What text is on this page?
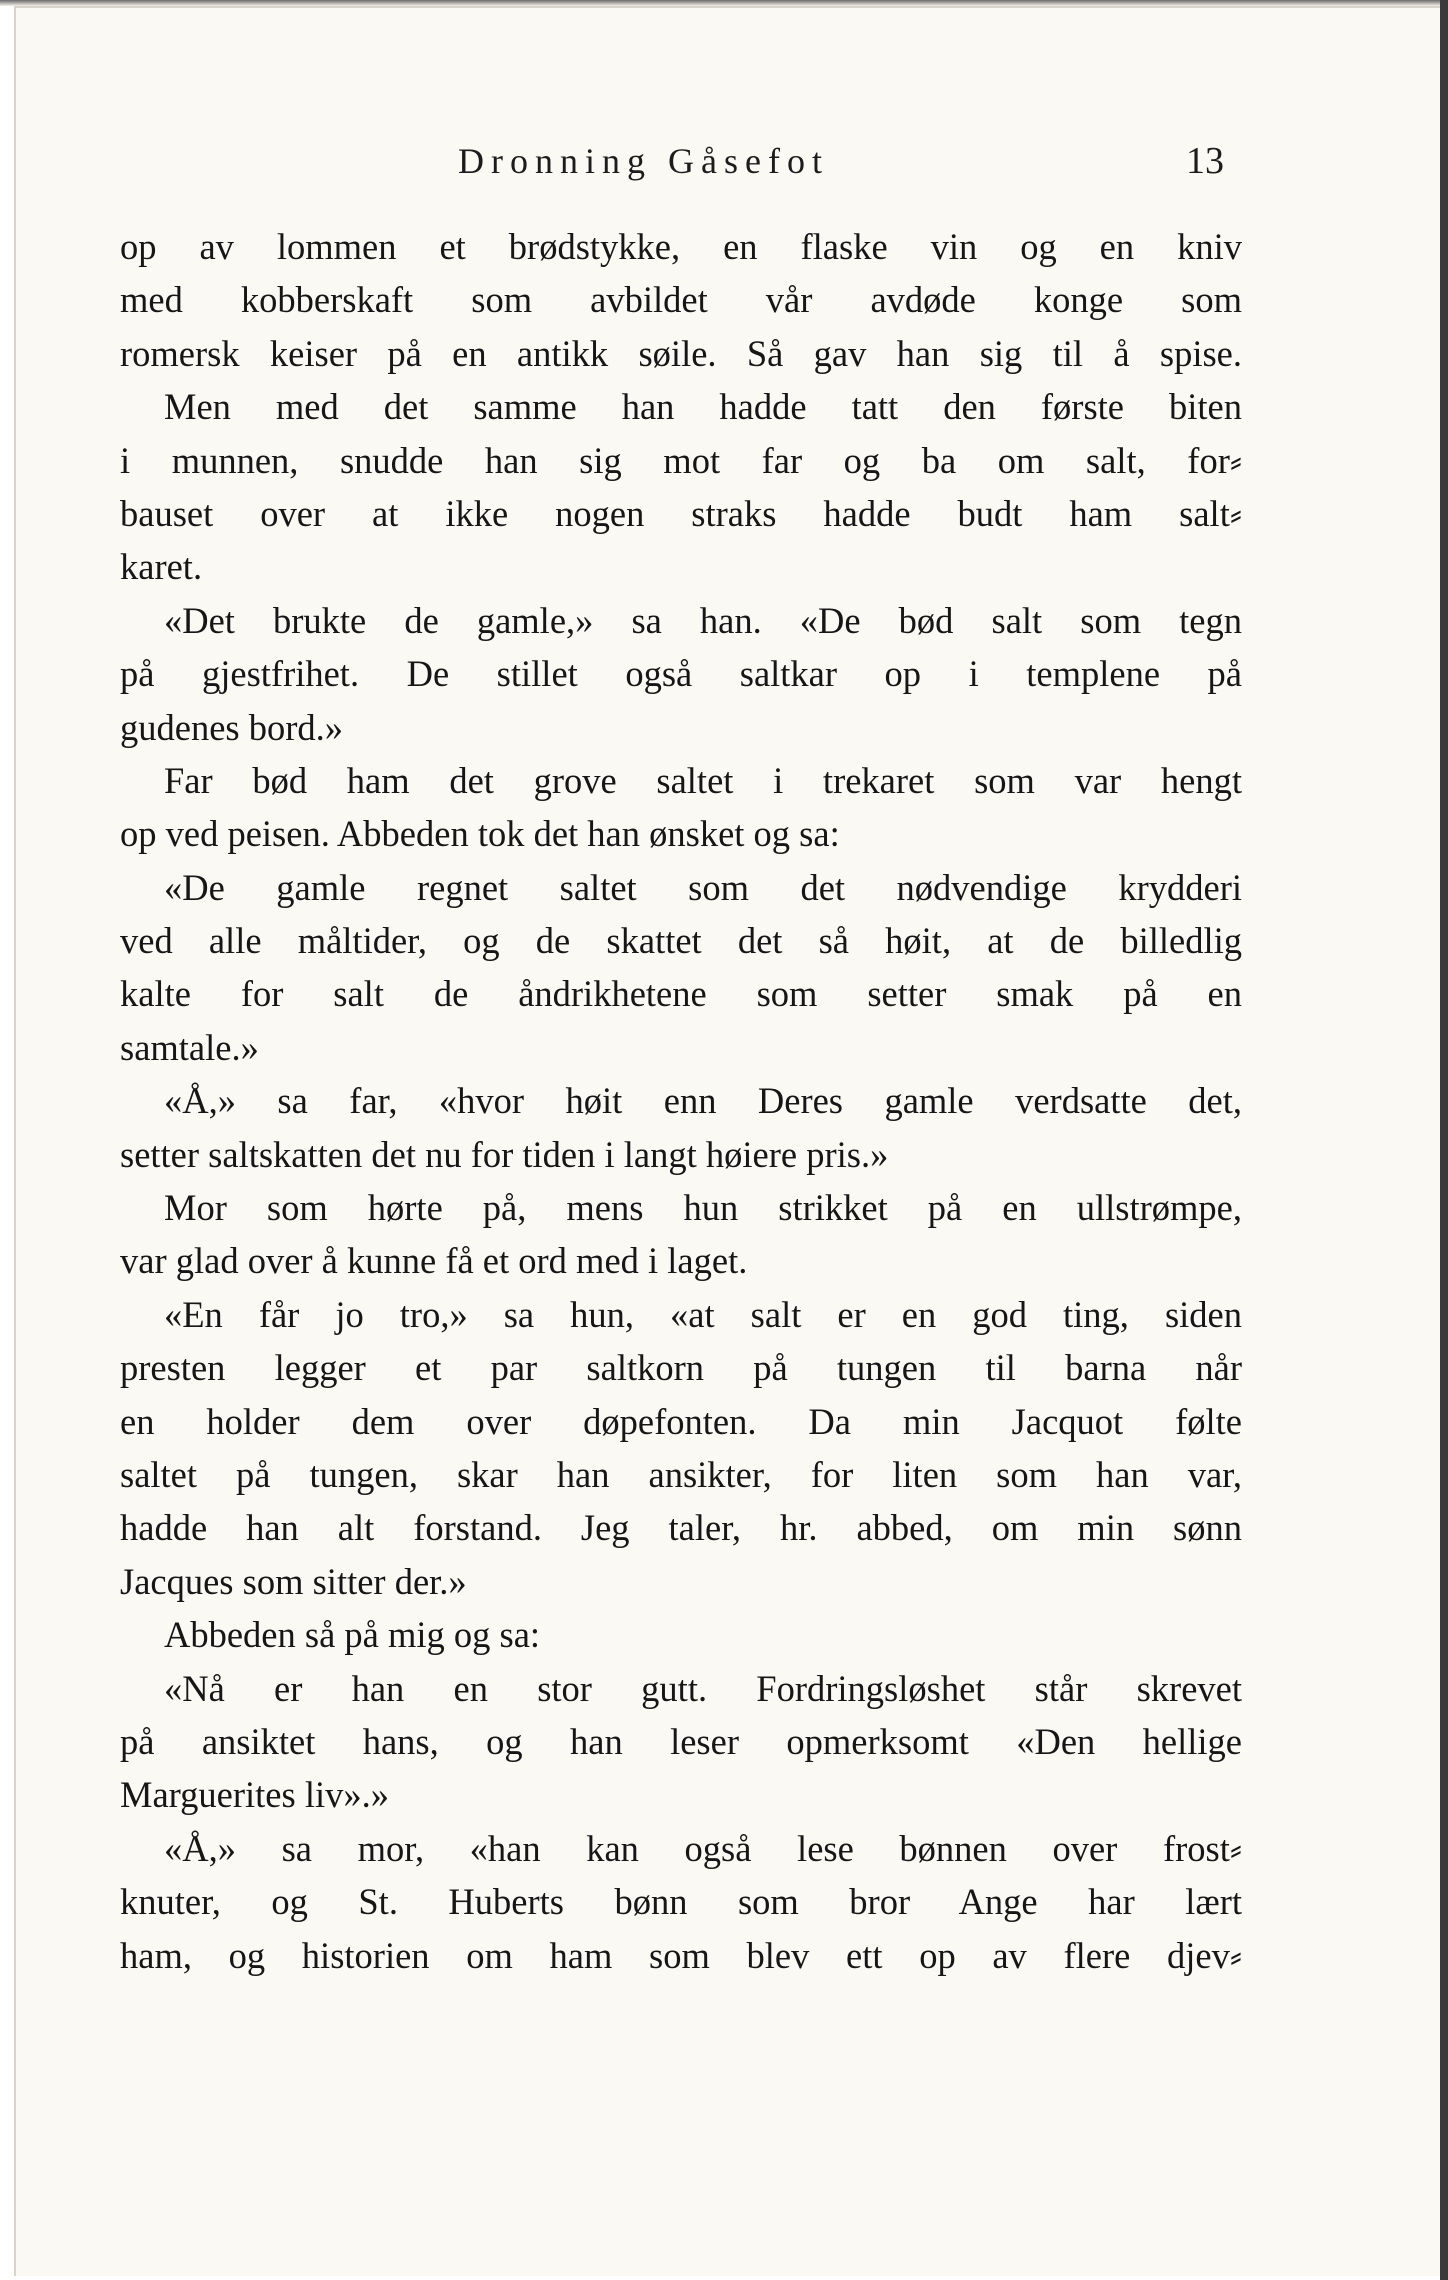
Dronning Gåsefot	13
op av lommen et brødstykke, en flaske vin og en kniv
med kobberskaft som avbildet vår avdøde konge som
romersk keiser på en antikk søile. Så gav han sig til å spise.
Men med det samme han hadde tatt den første biten
i munnen, snudde han sig mot far og ba om salt, for⸗
bauset over at ikke nogen straks hadde budt ham salt⸗
karet.
«Det brukte de gamle,» sa han. «De bød salt som tegn
på gjestfrihet. De stillet også saltkar op i templene på
gudenes bord.»
Far bød ham det grove saltet i trekaret som var hengt
op ved peisen. Abbeden tok det han ønsket og sa:
«De gamle regnet saltet som det nødvendige krydderi
ved alle måltider, og de skattet det så høit, at de billedlig
kalte for salt de åndrikhetene som setter smak på en
samtale.»
«Å,» sa far, «hvor høit enn Deres gamle verdsatte det,
setter saltskatten det nu for tiden i langt høiere pris.»
Mor som hørte på, mens hun strikket på en ullstrømpe,
var glad over å kunne få et ord med i laget.
«En får jo tro,» sa hun, «at salt er en god ting, siden
presten legger et par saltkorn på tungen til barna når
en holder dem over døpefonten. Da min Jacquot følte
saltet på tungen, skar han ansikter, for liten som han var,
hadde han alt forstand. Jeg taler, hr. abbed, om min sønn
Jacques som sitter der.»
Abbeden så på mig og sa:
«Nå er han en stor gutt. Fordringsløshet står skrevet
på ansiktet hans, og han leser opmerksomt «Den hellige
Marguerites liv».»
«Å,» sa mor, «han kan også lese bønnen over frost⸗
knuter, og St. Huberts bønn som bror Ange har lært
ham, og historien om ham som blev ett op av flere djev⸗
